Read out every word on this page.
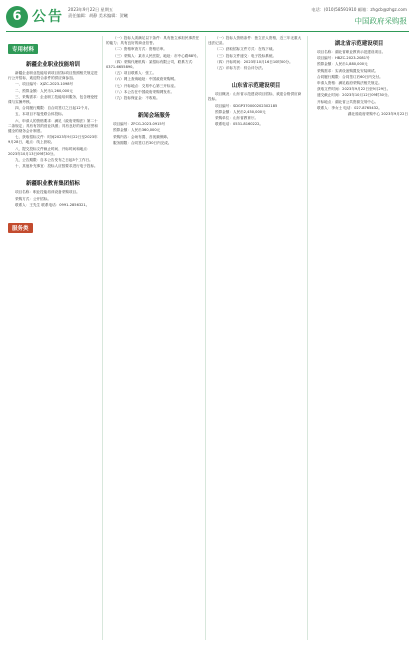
6 公告 2023年9月22日 星期五
责任编辑：胡静 美术编辑：贺曦
电话：(010)58591910 邮箱：zhgcb@zhgz.com
中国政府采购报
专用材料
新疆企业职业技能培训

新疆企业职业技能培训项目招标项目按照相关规定进行公开招标，欢迎符合条件的供应商参加。

一、项目编号：XJZC-2023-1098号

二、预算金额：人民币1,260,000元

三、采购需求：企业职工技能培训服务，包含理论授课与实操考核。

四、合同履行期限：自合同签订之日起12个月。

五、本项目不接受联合体投标。

六、申请人的资格要求：满足《政府采购法》第二十二条规定；具有有效的营业执照；具有良好的商业信誉和健全的财务会计制度。

七、获取招标文件：时间2023年9月22日至2023年9月28日，地点：线上获取。

八、提交投标文件截止时间、开标时间和地点：2023年10月13日09时30分。

九、公告期限：自本公告发布之日起5个工作日。

十、其他补充事宜：投标人应按要求进行电子投标。

新疆职业教育集团招标

项目名称：职业技能培训设备采购项目。

采购方式：公开招标。

联系人：王先生 联系电话：0991-2856321。

服务类

（一）投标人须满足以下条件：具有独立承担民事责任的能力；具有良好的商业信誉。

（二）资格审查方式：资格后审。

（三）采购人：某市人民医院，地址：市中心路88号。

（四）采购代理机构：某招标有限公司，联系方式：0371-6655890。

（五）项目联系人：张工。

（六）网上查询地址：中国政府采购网。

（七）开标地点：交易中心第三开标室。

（八）本公告在中国政府采购网发布。

（九）投标保证金：不收取。

新闻会场服务

项目编号：ZFCG-2023-0915号

预算金额：人民币360,000元

采购内容：会场布置、音视频保障。

服务期限：合同签订后30日内完成。

（一）投标人资格条件：独立法人资格，近三年无重大违法记录。

（二）获取招标文件方式：在线下载。

（三）投标文件递交：电子投标系统。

（四）开标时间：2023年10月16日10时00分。

（五）评标方法：综合评分法。

山东省示范建设项目

项目概况：山东省示范建设项目招标，欢迎合格供应商投标。

项目编号：SDGP370000202302185

预算金额：人民币2,450,000元

采购单位：山东省教育厅。

联系电话：0531-8160222。

湖北省示范建设项目

项目名称：湖北省职业教育示范建设项目。

项目编号：HBZC-2023-2081号

预算金额：人民币1,880,000元

采购需求：实训设备购置及安装调试。

合同履行期限：合同签订后60日内交付。

申请人资格：满足政府采购法相关规定。

获取文件时间：2023年9月22日至9月29日。

递交截止时间：2023年10月12日09时30分。

开标地点：湖北省公共资源交易中心。

联系人：李女士 电话：027-8765432。

湖北省政府采购中心 2023年9月22日
